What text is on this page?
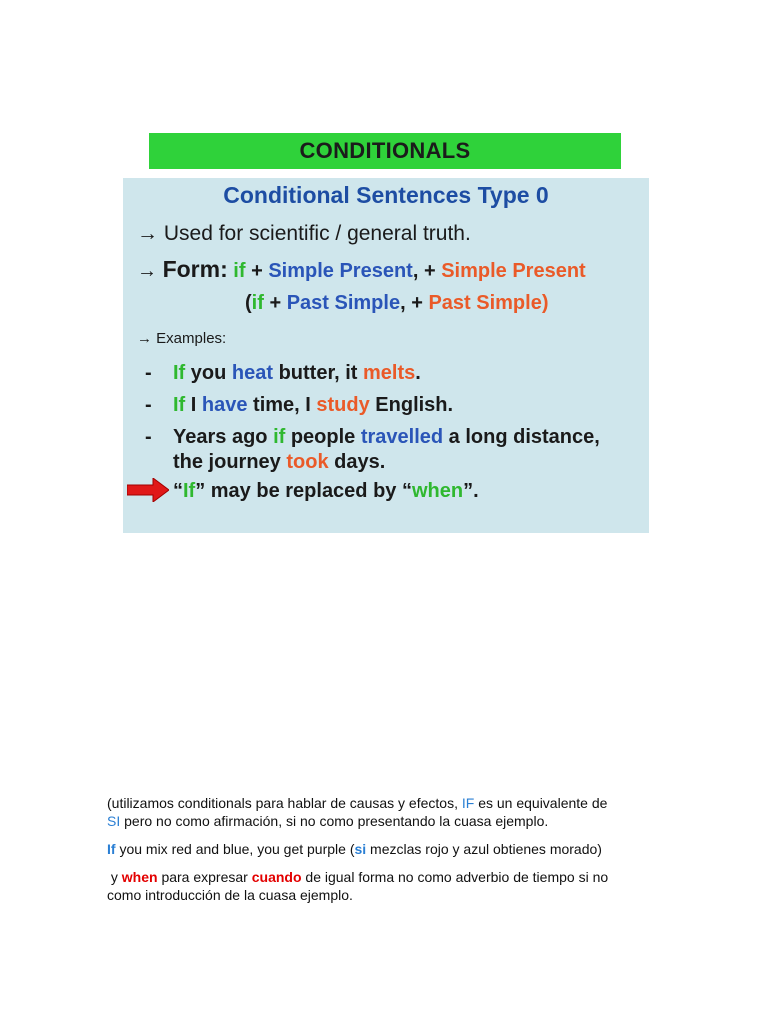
CONDITIONALS
Conditional Sentences Type 0
→ Used for scientific / general truth.
→ Form: if + Simple Present, + Simple Present
(if + Past Simple, + Past Simple)
→ Examples:
- If you heat butter, it melts.
- If I have time, I study English.
- Years ago if people travelled a long distance,
the journey took days.
“If” may be replaced by “when”.
(utilizamos conditionals para hablar de causas y efectos, IF es un equivalente de
SI pero no como afirmación, si no como presentando la cuasa ejemplo.
If you mix red and blue, you get purple (si mezclas rojo y azul obtienes morado)
y when para expresar cuando de igual forma no como adverbio de tiempo si no
como introducción de la cuasa ejemplo.
